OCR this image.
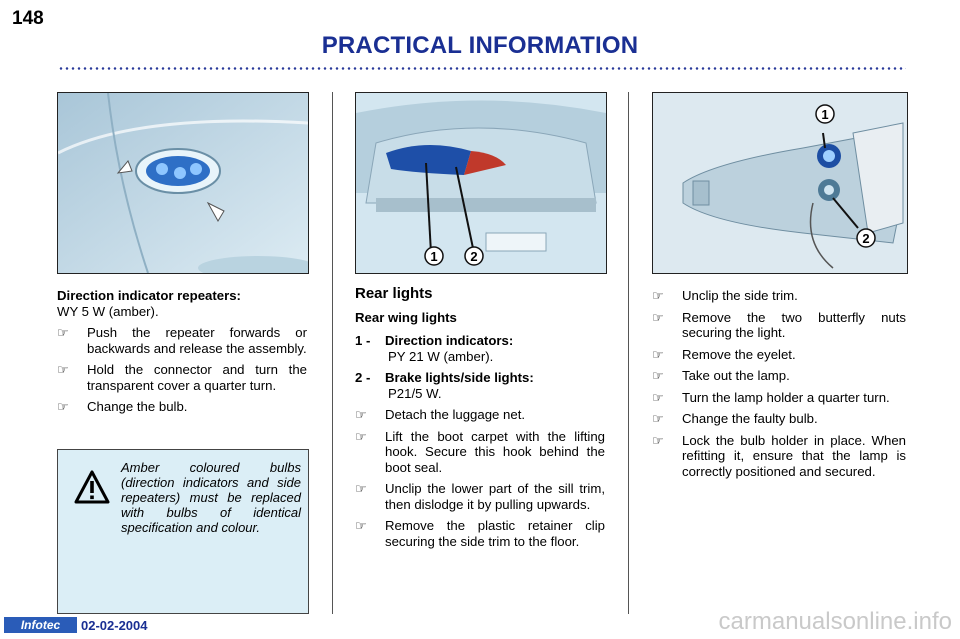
148
PRACTICAL INFORMATION
1	2
1
2
Direction indicator repeaters:
WY 5 W (amber).
☞ Push the repeater forwards or backwards and release the assembly.
☞ Hold the connector and turn the transparent cover a quarter turn.
☞ Change the bulb.
Amber coloured bulbs (direction indicators and side repeaters) must be replaced with bulbs of identical specification and colour.
Rear lights
Rear wing lights
1 - Direction indicators:
PY 21 W (amber).
2 - Brake lights/side lights:
P21/5 W.
☞ Detach the luggage net.
☞ Lift the boot carpet with the lifting hook. Secure this hook behind the boot seal.
☞ Unclip the lower part of the sill trim, then dislodge it by pulling upwards.
☞ Remove the plastic retainer clip securing the side trim to the floor.
☞ Unclip the side trim.
☞ Remove the two butterfly nuts securing the light.
☞ Remove the eyelet.
☞ Take out the lamp.
☞ Turn the lamp holder a quarter turn.
☞ Change the faulty bulb.
☞ Lock the bulb holder in place. When refitting it, ensure that the lamp is correctly positioned and secured.
Infotec	02-02-2004	carmanualsonline.info
